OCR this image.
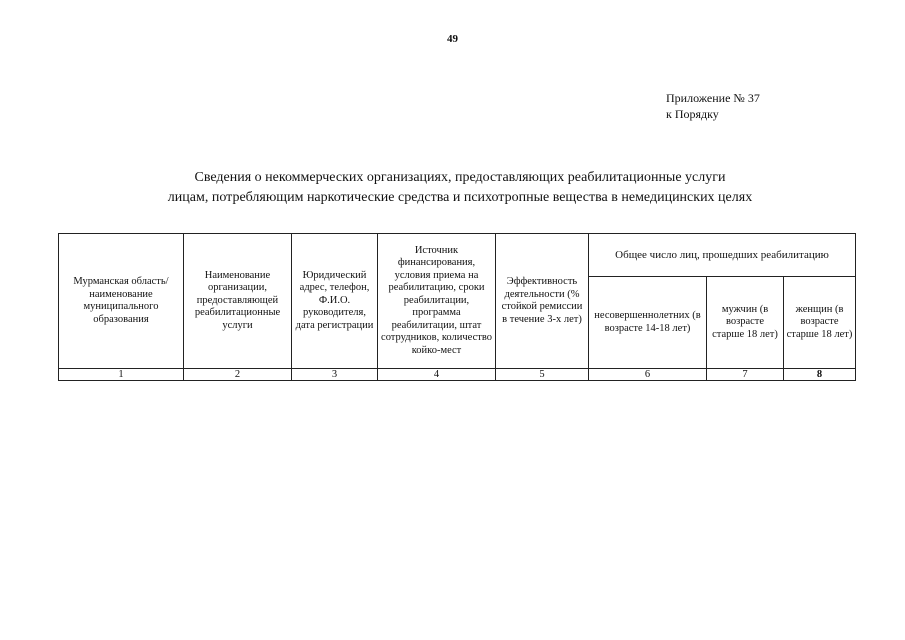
49
Приложение № 37
к Порядку
Сведения о некоммерческих организациях, предоставляющих реабилитационные услуги
лицам, потребляющим наркотические средства и психотропные вещества в немедицинских целях
Мурманская область/наименование муниципального образования	Наименование организации, предоставляющей реабилитационные услуги	Юридический адрес, телефон, Ф.И.О. руководителя, дата регистрации	Источник финансирования, условия приема на реабилитацию, сроки реабилитации, программа реабилитации, штат сотрудников, количество койко-мест	Эффективность деятельности (% стойкой ремиссии в течение 3-х лет)	Общее число лиц, прошедших реабилитацию		
					несовершеннолетних (в возрасте 14-18 лет)	мужчин (в возрасте старше 18 лет)	женщин (в возрасте старше 18 лет)
1	2	3	4	5	6	7	8
